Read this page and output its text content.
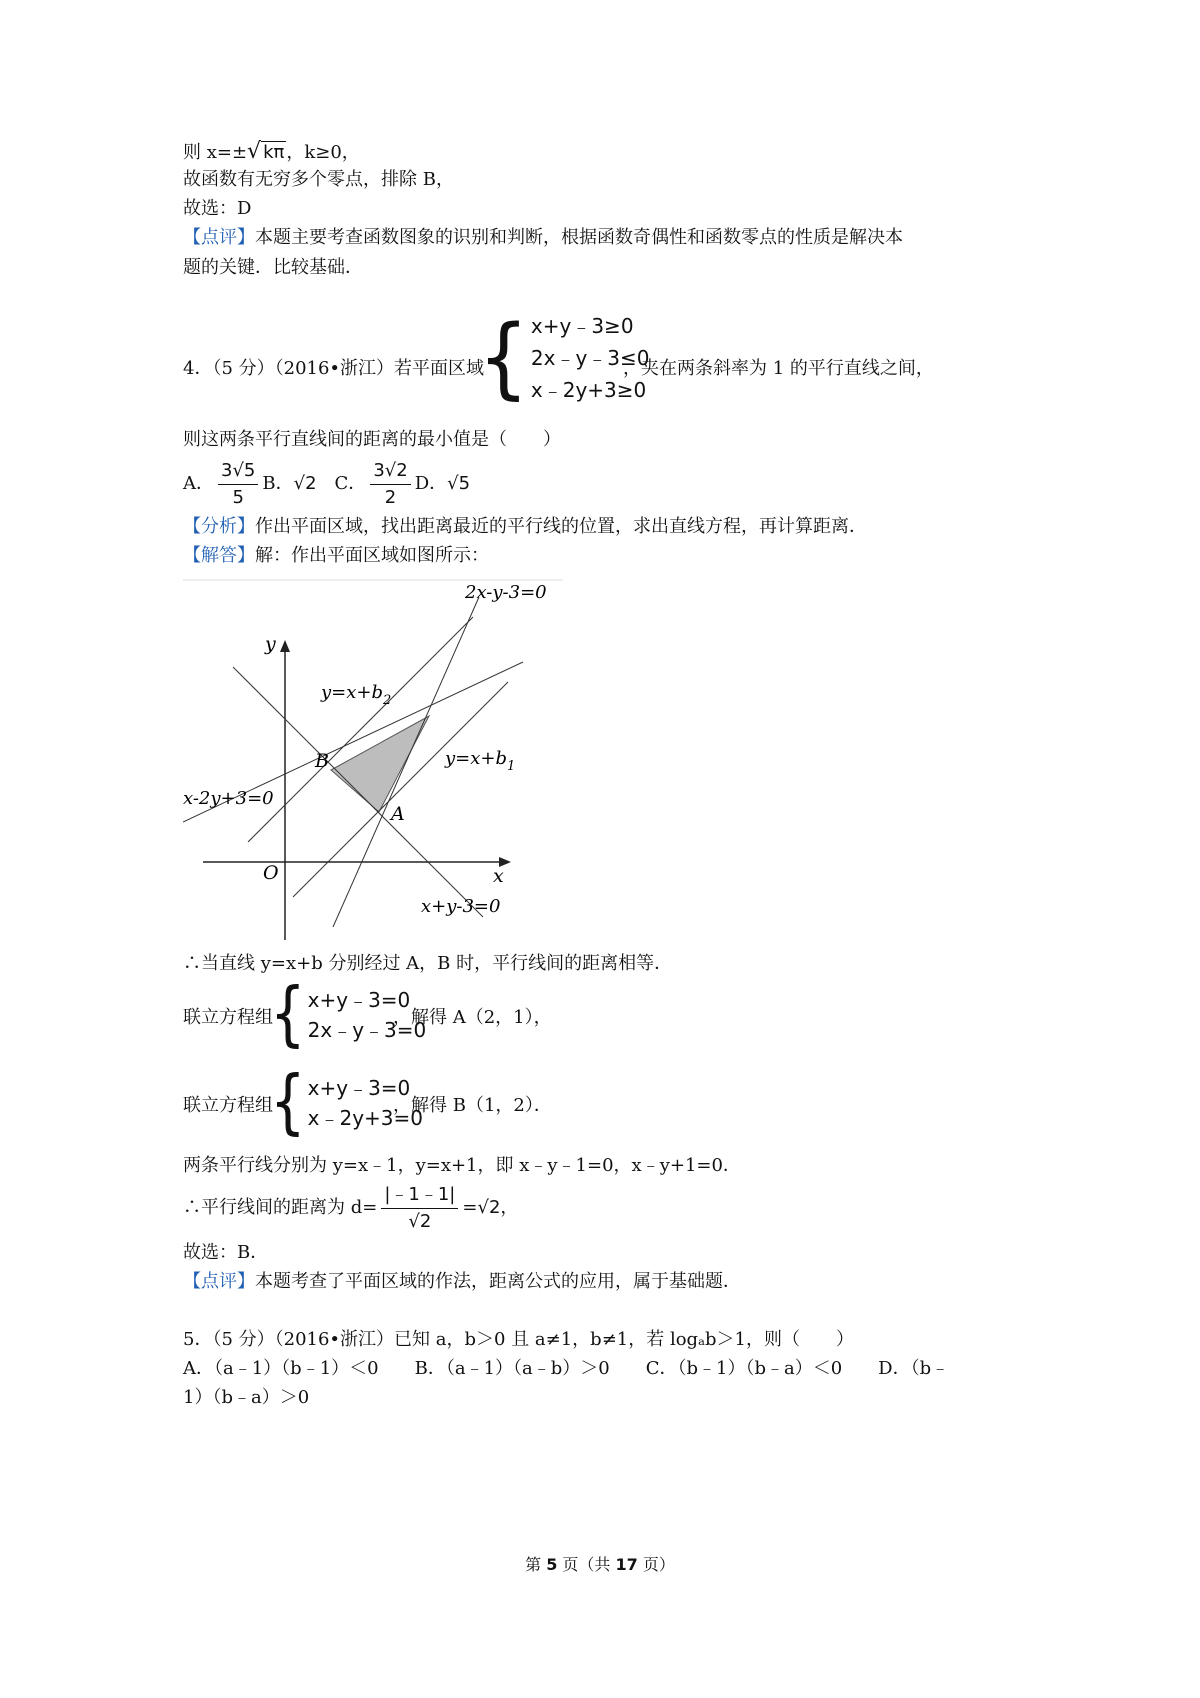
则 x=±√ kπ ，k≥0，
故函数有无穷多个零点，排除 B，
故选：D
【点评】本题主要考查函数图象的识别和判断，根据函数奇偶性和函数零点的性质是解决本
题的关键．比较基础．
4．（5 分）（2016•浙江）若平面区域
{ x+y﹣3≥0
2x﹣y﹣3≤0
x﹣2y+3≥0
，夹在两条斜率为 1 的平行直线之间，
则这两条平行直线间的距离的最小值是（　　）
A． $\frac{3√5}{5}$ B．√2　 C． $\frac{3√2}{2}$ D．√5
【分析】作出平面区域，找出距离最近的平行线的位置，求出直线方程，再计算距离．
【解答】解：作出平面区域如图所示：
2x-y-3=0
y
$y=x+b_2$
B	$y=x+b_1$
x-2y+3=0
A
O	x
x+y-3=0
∴当直线 y=x+b 分别经过 A，B 时，平行线间的距离相等．
联立方程组
{ x+y﹣3=0
2x﹣y﹣3=0
，解得 A（2，1），
联立方程组
{ x+y﹣3=0
x﹣2y+3=0
，解得 B（1，2）．
两条平行线分别为 y=x﹣1，y=x+1，即 x﹣y﹣1=0，x﹣y+1=0．
∴平行线间的距离为 $d= \frac{|﹣1﹣1|}{√2} =√2$，
故选：B．
【点评】本题考查了平面区域的作法，距离公式的应用，属于基础题．
5．（5 分）（2016•浙江）已知 a，b＞0 且 a≠1，b≠1，若 logₐb＞1，则（　　）
A．（a﹣1）（b﹣1）＜0　　B．（a﹣1）（a﹣b）＞0　　C．（b﹣1）（b﹣a）＜0　　D．（b﹣
1）（b﹣a）＞0
第 5 页（共 17 页）
